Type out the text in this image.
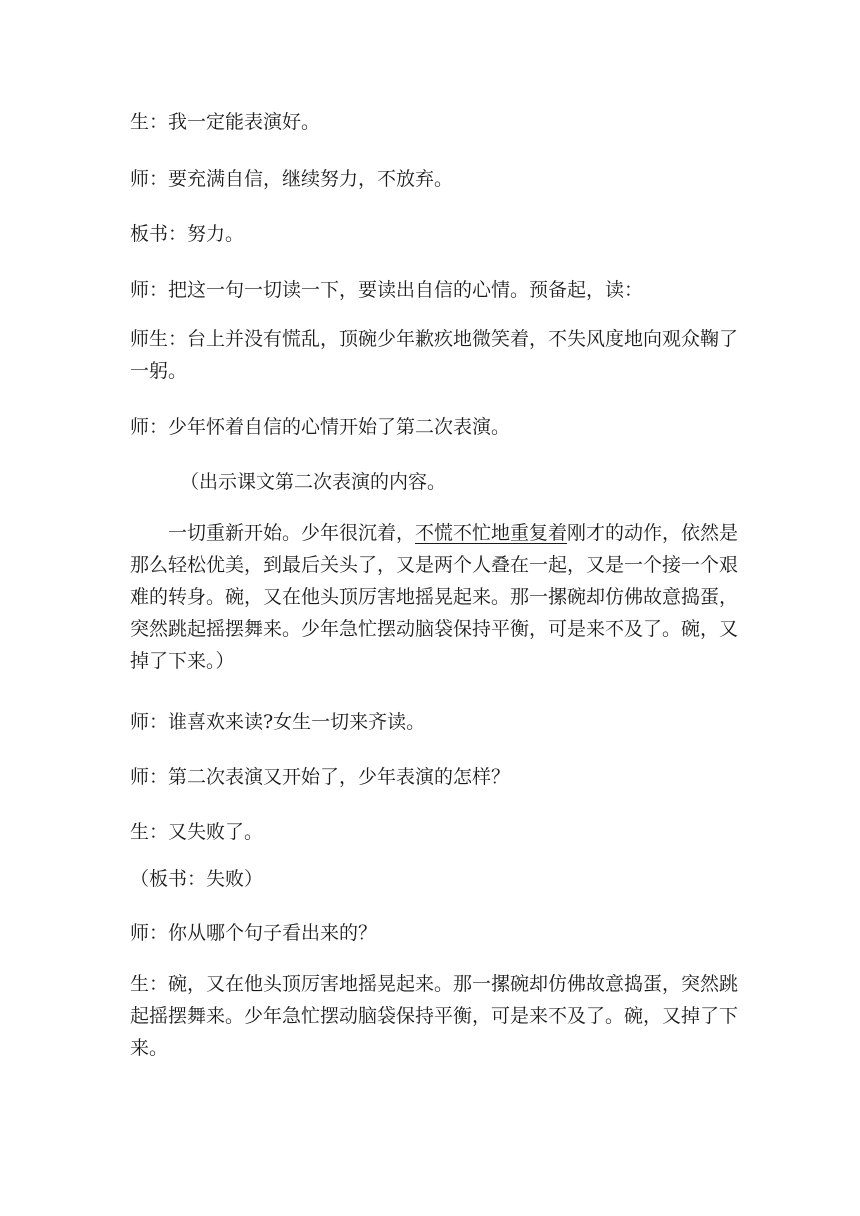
生：我一定能表演好。

师：要充满自信，继续努力，不放弃。

板书：努力。

师：把这一句一切读一下，要读出自信的心情。预备起，读：

师生：台上并没有慌乱，顶碗少年歉疚地微笑着，不失风度地向观众鞠了一躬。

师：少年怀着自信的心情开始了第二次表演。

（出示课文第二次表演的内容。

一切重新开始。少年很沉着，不慌不忙地重复着刚才的动作，依然是那么轻松优美，到最后关头了，又是两个人叠在一起，又是一个接一个艰难的转身。碗，又在他头顶厉害地摇晃起来。那一摞碗却仿佛故意捣蛋，突然跳起摇摆舞来。少年急忙摆动脑袋保持平衡，可是来不及了。碗，又掉了下来。）

师：谁喜欢来读?女生一切来齐读。

师：第二次表演又开始了，少年表演的怎样？

生：又失败了。

（板书：失败）

师：你从哪个句子看出来的？

生：碗，又在他头顶厉害地摇晃起来。那一摞碗却仿佛故意捣蛋，突然跳起摇摆舞来。少年急忙摆动脑袋保持平衡，可是来不及了。碗，又掉了下来。
